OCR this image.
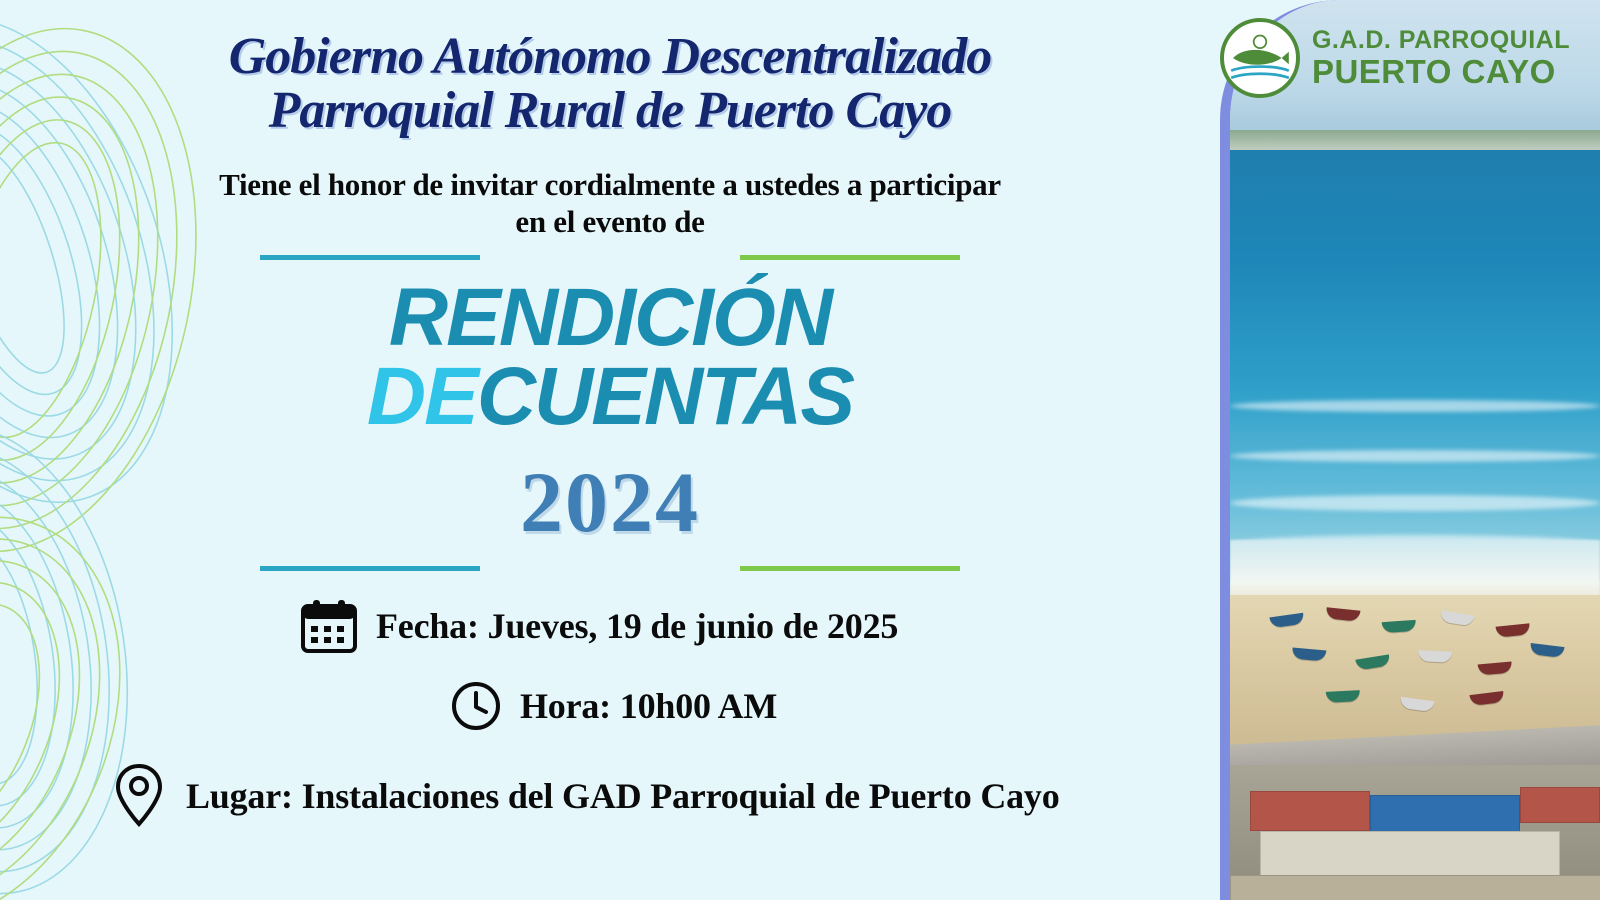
G.A.D. PARROQUIAL
PUERTO CAYO
Gobierno Autónomo Descentralizado
Parroquial Rural de Puerto Cayo
Tiene el honor de invitar cordialmente a ustedes a participar
en el evento de
RENDICIÓN
DECUENTAS
2024
Fecha: Jueves, 19 de junio de 2025
Hora: 10h00 AM
Lugar: Instalaciones del GAD Parroquial de Puerto Cayo
